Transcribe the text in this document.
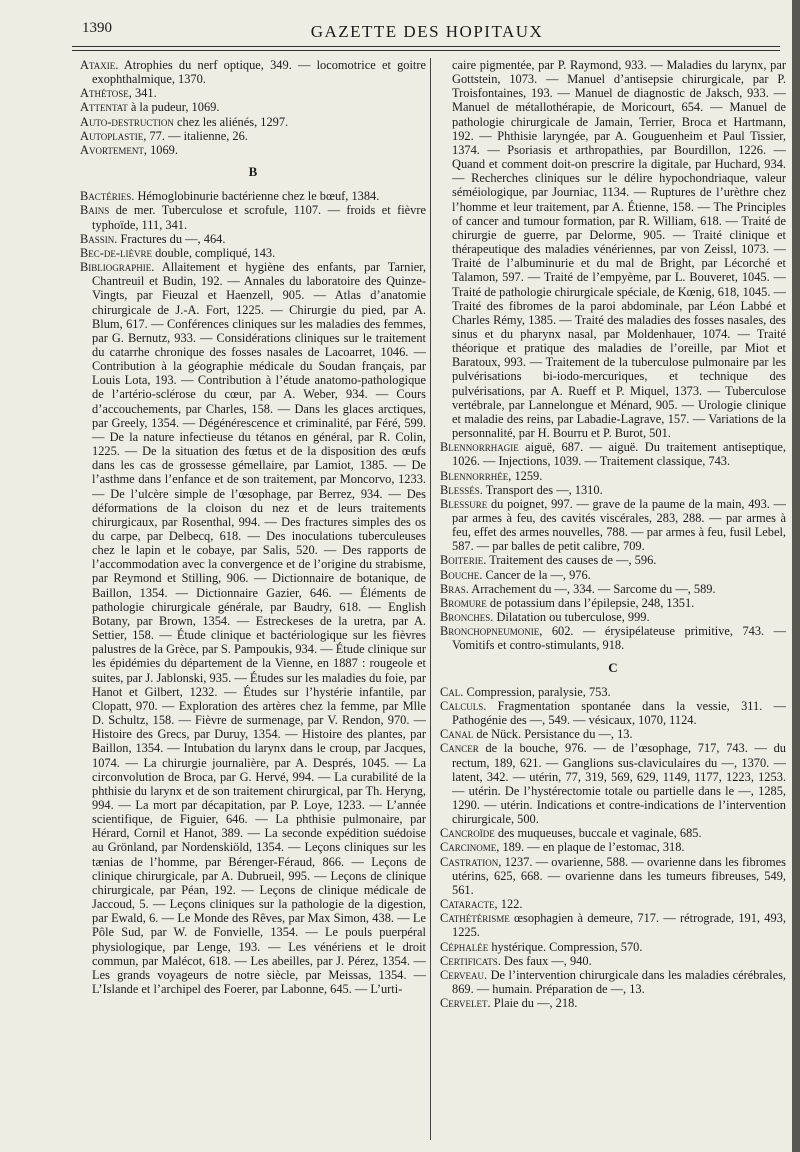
1390	GAZETTE DES HOPITAUX

Ataxie. Atrophies du nerf optique, 349. — locomotrice et goitre exophthalmique, 1370.

Athétose, 341.

Attentat à la pudeur, 1069.

Auto-destruction chez les aliénés, 1297.

Autoplastie, 77. — italienne, 26.

Avortement, 1069.

B

Bactéries. Hémoglobinurie bactérienne chez le bœuf, 1384.

Bains de mer. Tuberculose et scrofule, 1107. — froids et fièvre typhoïde, 111, 341.

Bassin. Fractures du —, 464.

Bec-de-lièvre double, compliqué, 143.

Bibliographie. Allaitement et hygiène des enfants, par Tarnier, Chantreuil et Budin, 192. — Annales du laboratoire des Quinze-Vingts, par Fieuzal et Haenzell, 905. — Atlas d’anatomie chirurgicale de J.-A. Fort, 1225. — Chirurgie du pied, par A. Blum, 617. — Conférences cliniques sur les maladies des femmes, par G. Bernutz, 933. — Considérations cliniques sur le traitement du catarrhe chronique des fosses nasales de Lacoarret, 1046. — Contribution à la géographie médicale du Soudan français, par Louis Lota, 193. — Contribution à l’étude anatomo-pathologique de l’artério-sclérose du cœur, par A. Weber, 934. — Cours d’accouchements, par Charles, 158. — Dans les glaces arctiques, par Greely, 1354. — Dégénérescence et criminalité, par Féré, 599. — De la nature infectieuse du tétanos en général, par R. Colin, 1225. — De la situation des fœtus et de la disposition des œufs dans les cas de grossesse gémellaire, par Lamiot, 1385. — De l’asthme dans l’enfance et de son traitement, par Moncorvo, 1233. — De l’ulcère simple de l’œsophage, par Berrez, 934. — Des déformations de la cloison du nez et de leurs traitements chirurgicaux, par Rosenthal, 994. — Des fractures simples des os du carpe, par Delbecq, 618. — Des inoculations tuberculeuses chez le lapin et le cobaye, par Salis, 520. — Des rapports de l’accommodation avec la convergence et de l’origine du strabisme, par Reymond et Stilling, 906. — Dictionnaire de botanique, de Baillon, 1354. — Dictionnaire Gazier, 646. — Éléments de pathologie chirurgicale générale, par Baudry, 618. — English Botany, par Brown, 1354. — Estreckeses de la uretra, par A. Settier, 158. — Étude clinique et bactériologique sur les fièvres palustres de la Grèce, par S. Pampoukis, 934. — Étude clinique sur les épidémies du département de la Vienne, en 1887 : rougeole et suites, par J. Jablonski, 935. — Études sur les maladies du foie, par Hanot et Gilbert, 1232. — Études sur l’hystérie infantile, par Clopatt, 970. — Exploration des artères chez la femme, par Mlle D. Schultz, 158. — Fièvre de surmenage, par V. Rendon, 970. — Histoire des Grecs, par Duruy, 1354. — Histoire des plantes, par Baillon, 1354. — Intubation du larynx dans le croup, par Jacques, 1074. — La chirurgie journalière, par A. Després, 1045. — La circonvolution de Broca, par G. Hervé, 994. — La curabilité de la phthisie du larynx et de son traitement chirurgical, par Th. Heryng, 994. — La mort par décapitation, par P. Loye, 1233. — L’année scientifique, de Figuier, 646. — La phthisie pulmonaire, par Hérard, Cornil et Hanot, 389. — La seconde expédition suédoise au Grönland, par Nordenskiöld, 1354. — Leçons cliniques sur les tænias de l’homme, par Bérenger-Féraud, 866. — Leçons de clinique chirurgicale, par A. Dubrueil, 995. — Leçons de clinique chirurgicale, par Péan, 192. — Leçons de clinique médicale de Jaccoud, 5. — Leçons cliniques sur la pathologie de la digestion, par Ewald, 6. — Le Monde des Rêves, par Max Simon, 438. — Le Pôle Sud, par W. de Fonvielle, 1354. — Le pouls puerpéral physiologique, par Lenge, 193. — Les vénériens et le droit commun, par Malécot, 618. — Les abeilles, par J. Pérez, 1354. — Les grands voyageurs de notre siècle, par Meissas, 1354. — L’Islande et l’archipel des Foerer, par Labonne, 645. — L’urti-

caire pigmentée, par P. Raymond, 933. — Maladies du larynx, par Gottstein, 1073. — Manuel d’antisepsie chirurgicale, par P. Troisfontaines, 193. — Manuel de diagnostic de Jaksch, 933. — Manuel de métallothérapie, de Moricourt, 654. — Manuel de pathologie chirurgicale de Jamain, Terrier, Broca et Hartmann, 192. — Phthisie laryngée, par A. Gouguenheim et Paul Tissier, 1374. — Psoriasis et arthropathies, par Bourdillon, 1226. — Quand et comment doit-on prescrire la digitale, par Huchard, 934. — Recherches cliniques sur le délire hypochondriaque, valeur séméiologique, par Journiac, 1134. — Ruptures de l’urèthre chez l’homme et leur traitement, par A. Étienne, 158. — The Principles of cancer and tumour formation, par R. William, 618. — Traité de chirurgie de guerre, par Delorme, 905. — Traité clinique et thérapeutique des maladies vénériennes, par von Zeissl, 1073. — Traité de l’albuminurie et du mal de Bright, par Lécorché et Talamon, 597. — Traité de l’empyème, par L. Bouveret, 1045. — Traité de pathologie chirurgicale spéciale, de Kœnig, 618, 1045. — Traité des fibromes de la paroi abdominale, par Léon Labbé et Charles Rémy, 1385. — Traité des maladies des fosses nasales, des sinus et du pharynx nasal, par Moldenhauer, 1074. — Traité théorique et pratique des maladies de l’oreille, par Miot et Baratoux, 993. — Traitement de la tuberculose pulmonaire par les pulvérisations bi-iodo-mercuriques, et technique des pulvérisations, par A. Rueff et P. Miquel, 1373. — Tuberculose vertébrale, par Lannelongue et Ménard, 905. — Urologie clinique et maladie des reins, par Labadie-Lagrave, 157. — Variations de la personnalité, par H. Bourru et P. Burot, 501.

Blennorrhagie aiguë, 687. — aiguë. Du traitement antiseptique, 1026. — Injections, 1039. — Traitement classique, 743.

Blennorrhée, 1259.

Blessés. Transport des —, 1310.

Blessure du poignet, 997. — grave de la paume de la main, 493. — par armes à feu, des cavités viscérales, 283, 288. — par armes à feu, effet des armes nouvelles, 788. — par armes à feu, fusil Lebel, 587. — par balles de petit calibre, 709.

Boiterie. Traitement des causes de —, 596.

Bouche. Cancer de la —, 976.

Bras. Arrachement du —, 334. — Sarcome du —, 589.

Bromure de potassium dans l’épilepsie, 248, 1351.

Bronches. Dilatation ou tuberculose, 999.

Bronchopneumonie, 602. — érysipélateuse primitive, 743. — Vomitifs et contro-stimulants, 918.

C

Cal. Compression, paralysie, 753.

Calculs. Fragmentation spontanée dans la vessie, 311. — Pathogénie des —, 549. — vésicaux, 1070, 1124.

Canal de Nück. Persistance du —, 13.

Cancer de la bouche, 976. — de l’œsophage, 717, 743. — du rectum, 189, 621. — Ganglions sus-claviculaires du —, 1370. — latent, 342. — utérin, 77, 319, 569, 629, 1149, 1177, 1223, 1253. — utérin. De l’hystérectomie totale ou partielle dans le —, 1285, 1290. — utérin. Indications et contre-indications de l’intervention chirurgicale, 500.

Cancroïde des muqueuses, buccale et vaginale, 685.

Carcinome, 189. — en plaque de l’estomac, 318.

Castration, 1237. — ovarienne, 588. — ovarienne dans les fibromes utérins, 625, 668. — ovarienne dans les tumeurs fibreuses, 549, 561.

Cataracte, 122.

Cathétérisme œsophagien à demeure, 717. — rétrograde, 191, 493, 1225.

Céphalée hystérique. Compression, 570.

Certificats. Des faux —, 940.

Cerveau. De l’intervention chirurgicale dans les maladies cérébrales, 869. — humain. Préparation de —, 13.

Cervelet. Plaie du —, 218.
